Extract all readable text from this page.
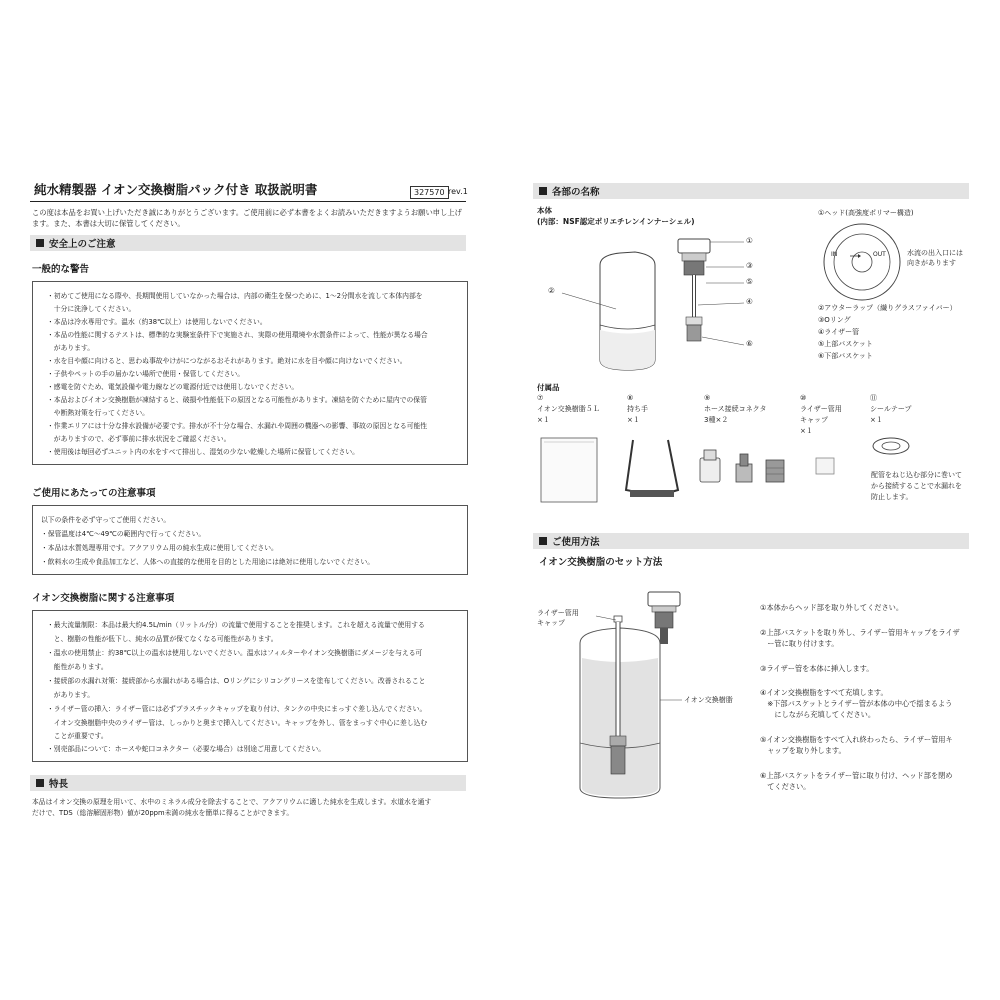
純水精製器 イオン交換樹脂パック付き 取扱説明書	327570 rev.1
この度は本品をお買い上げいただき誠にありがとうございます。ご使用前に必ず本書をよくお読みいただきますようお願い申し上げます。また、本書は大切に保管してください。
安全上のご注意
一般的な警告
・初めてご使用になる際や、長期間使用していなかった場合は、内部の衛生を保つために、1～2分間水を流して本体内部を
　十分に洗浄してください。
・本品は冷水専用です。温水（約38℃以上）は使用しないでください。
・本品の性能に関するテストは、標準的な実験室条件下で実施され、実際の使用環境や水質条件によって、性能が異なる場合
　があります。
・水を目や顔に向けると、思わぬ事故やけがにつながるおそれがあります。絶対に水を目や顔に向けないでください。
・子供やペットの手の届かない場所で使用・保管してください。
・感電を防ぐため、電気設備や電力線などの電源付近では使用しないでください。
・本品およびイオン交換樹脂が凍結すると、破損や性能低下の原因となる可能性があります。凍結を防ぐために屋内での保管
　や断熱対策を行ってください。
・作業エリアには十分な排水設備が必要です。排水が不十分な場合、水漏れや周囲の機器への影響、事故の原因となる可能性
　がありますので、必ず事前に排水状況をご確認ください。
・使用後は毎回必ずユニット内の水をすべて排出し、湿気の少ない乾燥した場所に保管してください。
ご使用にあたっての注意事項
以下の条件を必ず守ってご使用ください。
・保管温度は4℃～49℃の範囲内で行ってください。
・本品は水質処理専用です。アクアリウム用の純水生成に使用してください。
・飲料水の生成や食品加工など、人体への直接的な使用を目的とした用途には絶対に使用しないでください。
イオン交換樹脂に関する注意事項
・最大流量制限：本品は最大約4.5L/min（リットル/分）の流量で使用することを推奨します。これを超える流量で使用する
　と、樹脂の性能が低下し、純水の品質が保てなくなる可能性があります。
・温水の使用禁止：約38℃以上の温水は使用しないでください。温水はフィルターやイオン交換樹脂にダメージを与える可
　能性があります。
・接続部の水漏れ対策：接続部から水漏れがある場合は、Oリングにシリコングリースを塗布してください。改善されること
　があります。
・ライザー管の挿入：ライザー管には必ずプラスチックキャップを取り付け、タンクの中央にまっすぐ差し込んでください。
　イオン交換樹脂中央のライザー管は、しっかりと奥まで挿入してください。キャップを外し、管をまっすぐ中心に差し込む
　ことが重要です。
・別売部品について：ホースや蛇口コネクター（必要な場合）は別途ご用意してください。
特長
本品はイオン交換の原理を用いて、水中のミネラル成分を除去することで、アクアリウムに適した純水を生成します。水道水を通す
だけで、TDS（総溶解固形物）値が20ppm未満の純水を簡単に得ることができます。
各部の名称
本体
(内部：NSF認定ポリエチレンインナーシェル)
①
②
③
④
⑤
⑥
①ヘッド(高強度ポリマー構造)
IN	OUT	水流の出入口には
向きがあります
②アウターラップ（繊りグラスファイバー）
③Oリング
④ライザー管
⑤上部バスケット
⑥下部バスケット
付属品
⑦
イオン交換樹脂５Ｌ
×１
⑧
持ち手
×１
⑨
ホース接続コネクタ
3種×２
⑩
ライザー管用
キャップ
×１
⑪
シールテープ
×１
配管をねじ込む部分に巻いて
から接続することで水漏れを
防止します。
ご使用方法
イオン交換樹脂のセット方法
ライザー管用
キャップ
イオン交換樹脂
①本体からヘッド部を取り外してください。
②上部バスケットを取り外し、ライザー管用キャップをライザ
　ー管に取り付けます。
③ライザー管を本体に挿入します。
④イオン交換樹脂をすべて充填します。
　※下部バスケットとライザー管が本体の中心で揺まるよう
　　にしながら充填してください。
⑤イオン交換樹脂をすべて入れ終わったら、ライザー管用キ
　ャップを取り外します。
⑥上部バスケットをライザー管に取り付け、ヘッド部を閉め
　てください。
